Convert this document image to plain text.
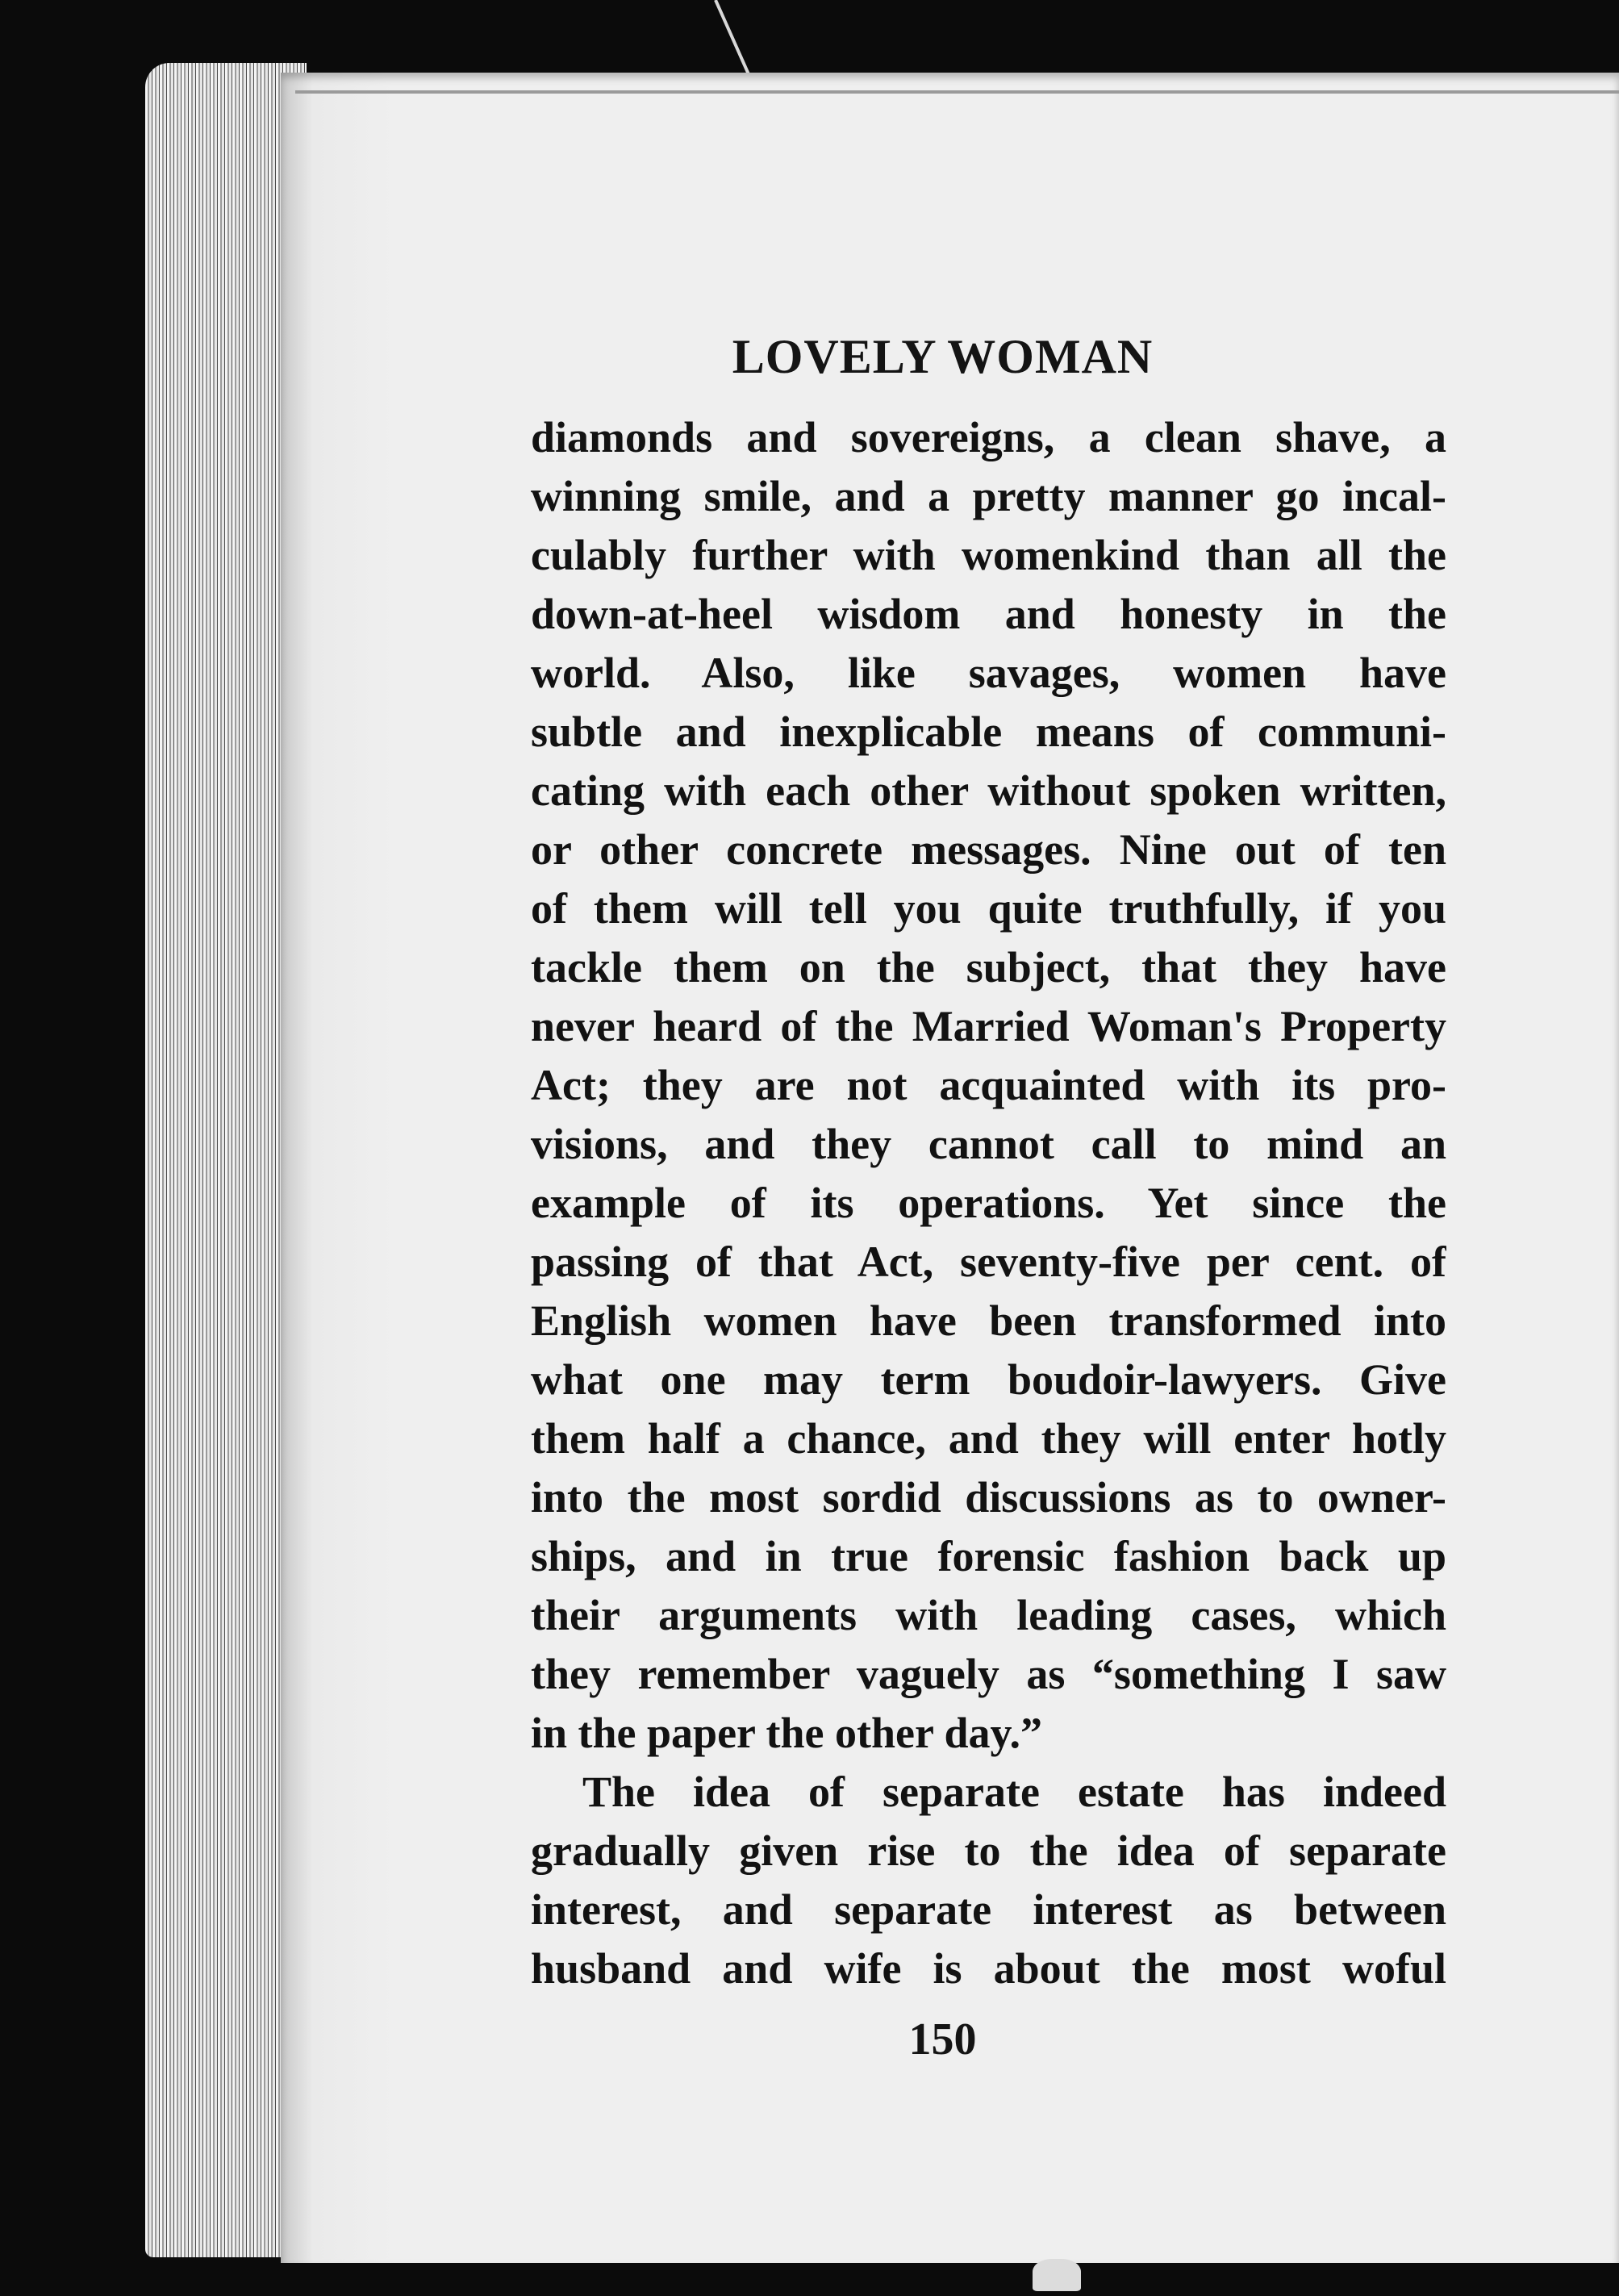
LOVELY WOMAN
diamonds and sovereigns, a clean shave, a
winning smile, and a pretty manner go incal-
culably further with womenkind than all the
down-at-heel wisdom and honesty in the
world. Also, like savages, women have
subtle and inexplicable means of communi-
cating with each other without spoken written,
or other concrete messages. Nine out of ten
of them will tell you quite truthfully, if you
tackle them on the subject, that they have
never heard of the Married Woman's Property
Act; they are not acquainted with its pro-
visions, and they cannot call to mind an
example of its operations. Yet since the
passing of that Act, seventy-five per cent. of
English women have been transformed into
what one may term boudoir-lawyers. Give
them half a chance, and they will enter hotly
into the most sordid discussions as to owner-
ships, and in true forensic fashion back up
their arguments with leading cases, which
they remember vaguely as “something I saw
in the paper the other day.”
The idea of separate estate has indeed
gradually given rise to the idea of separate
interest, and separate interest as between
husband and wife is about the most woful
150
